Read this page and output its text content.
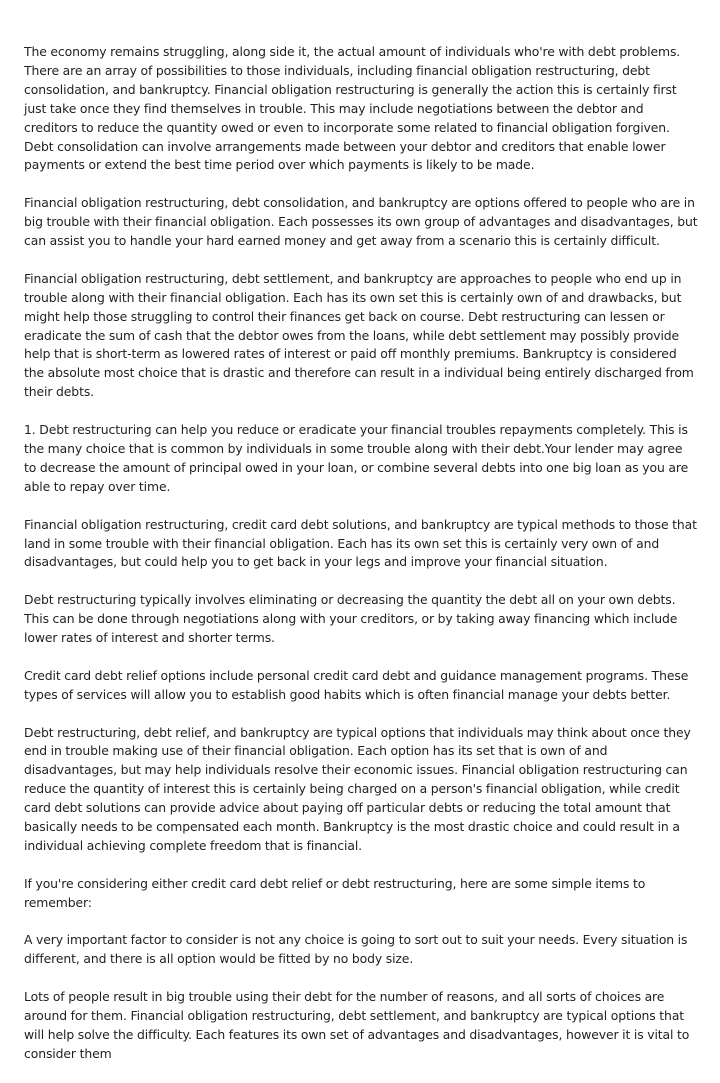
The economy remains struggling, along side it, the actual amount of individuals who're with debt problems. There are an array of possibilities to those individuals, including financial obligation restructuring, debt consolidation, and bankruptcy. Financial obligation restructuring is generally the action this is certainly first just take once they find themselves in trouble. This may include negotiations between the debtor and creditors to reduce the quantity owed or even to incorporate some related to financial obligation forgiven. Debt consolidation can involve arrangements made between your debtor and creditors that enable lower payments or extend the best time period over which payments is likely to be made.

Financial obligation restructuring, debt consolidation, and bankruptcy are options offered to people who are in big trouble with their financial obligation. Each possesses its own group of advantages and disadvantages, but can assist you to handle your hard earned money and get away from a scenario this is certainly difficult.

Financial obligation restructuring, debt settlement, and bankruptcy are approaches to people who end up in trouble along with their financial obligation. Each has its own set this is certainly own of and drawbacks, but might help those struggling to control their finances get back on course. Debt restructuring can lessen or eradicate the sum of cash that the debtor owes from the loans, while debt settlement may possibly provide help that is short-term as lowered rates of interest or paid off monthly premiums. Bankruptcy is considered the absolute most choice that is drastic and therefore can result in a individual being entirely discharged from their debts.

1. Debt restructuring can help you reduce or eradicate your financial troubles repayments completely. This is the many choice that is common by individuals in some trouble along with their debt.Your lender may agree to decrease the amount of principal owed in your loan, or combine several debts into one big loan as you are able to repay over time.

Financial obligation restructuring, credit card debt solutions, and bankruptcy are typical methods to those that land in some trouble with their financial obligation. Each has its own set this is certainly very own of and disadvantages, but could help you to get back in your legs and improve your financial situation.

Debt restructuring typically involves eliminating or decreasing the quantity the debt all on your own debts. This can be done through negotiations along with your creditors, or by taking away financing which include lower rates of interest and shorter terms.

Credit card debt relief options include personal credit card debt and guidance management programs. These types of services will allow you to establish good habits which is often financial manage your debts better.

Debt restructuring, debt relief, and bankruptcy are typical options that individuals may think about once they end in trouble making use of their financial obligation. Each option has its set that is own of and disadvantages, but may help individuals resolve their economic issues. Financial obligation restructuring can reduce the quantity of interest this is certainly being charged on a person's financial obligation, while credit card debt solutions can provide advice about paying off particular debts or reducing the total amount that basically needs to be compensated each month. Bankruptcy is the most drastic choice and could result in a individual achieving complete freedom that is financial.

If you're considering either credit card debt relief or debt restructuring, here are some simple items to remember:

A very important factor to consider is not any choice is going to sort out to suit your needs. Every situation is different, and there is all option would be fitted by no body size.

Lots of people result in big trouble using their debt for the number of reasons, and all sorts of choices are around for them. Financial obligation restructuring, debt settlement, and bankruptcy are typical options that will help solve the difficulty. Each features its own set of advantages and disadvantages, however it is vital to consider them
